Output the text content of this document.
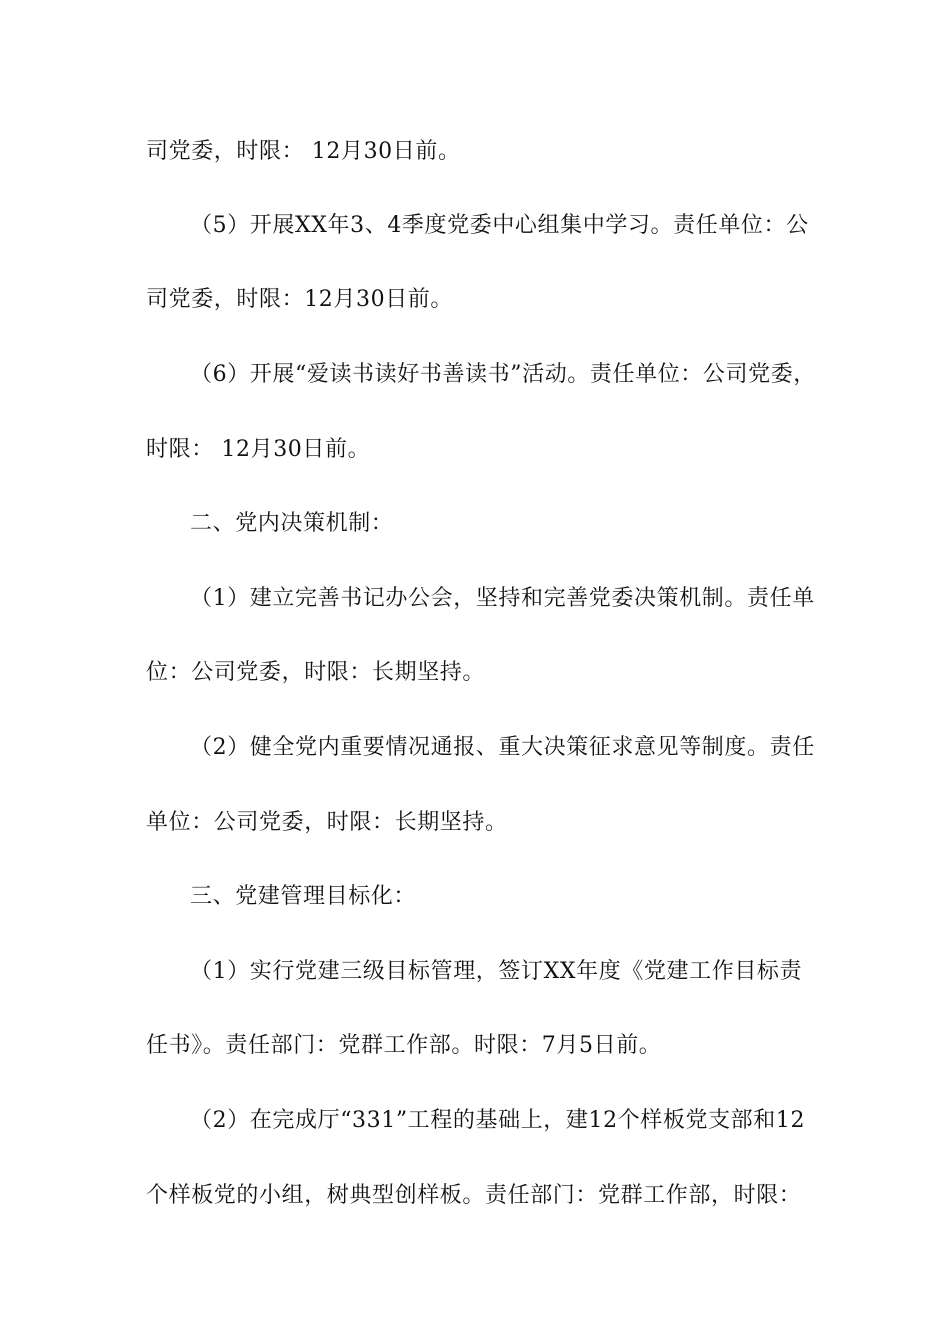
司党委，时限： 12月30日前。
（5）开展XX年3、4季度党委中心组集中学习。责任单位：公
司党委，时限：12月30日前。
（6）开展“爱读书读好书善读书”活动。责任单位：公司党委，
时限： 12月30日前。
二、党内决策机制：
（1）建立完善书记办公会，坚持和完善党委决策机制。责任单
位：公司党委，时限：长期坚持。
（2）健全党内重要情况通报、重大决策征求意见等制度。责任
单位：公司党委，时限：长期坚持。
三、党建管理目标化：
（1）实行党建三级目标管理，签订XX年度《党建工作目标责
任书》。责任部门：党群工作部。时限：7月5日前。
（2）在完成厅“331”工程的基础上，建12个样板党支部和12
个样板党的小组，树典型创样板。责任部门：党群工作部，时限：
